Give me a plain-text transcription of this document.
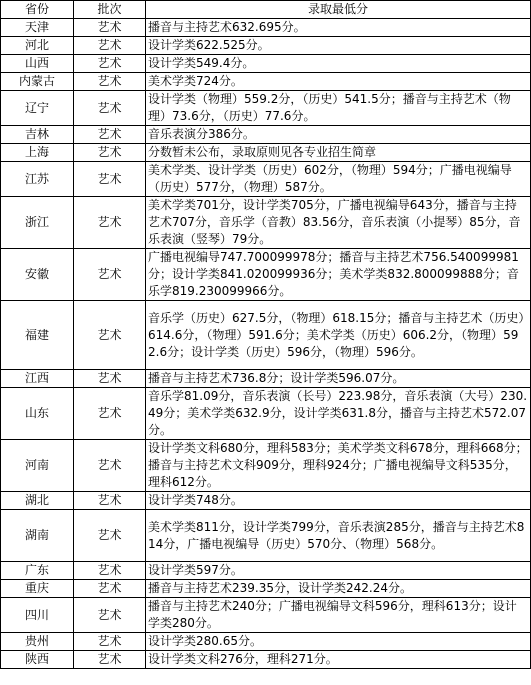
省份	批次	录取最低分
天津	艺术	播音与主持艺术632.695分。
河北	艺术	设计学类622.525分。
山西	艺术	设计学类549.4分。
内蒙古	艺术	美术学类724分。
辽宁	艺术	设计学类（物理）559.2分，（历史）541.5分；播音与主持艺术（物理）73.6分，（历史）77.6分。
吉林	艺术	音乐表演分386分。
上海	艺术	分数暂未公布，录取原则见各专业招生简章
江苏	艺术	美术学类、设计学类（历史）602分，（物理）594分；广播电视编导（历史）577分，（物理）587分。
浙江	艺术	美术学类701分，设计学类705分，广播电视编导643分，播音与主持艺术707分，音乐学（音教）83.56分，音乐表演（小提琴）85分，音乐表演（竖琴）79分。
安徽	艺术	广播电视编导747.700099978分；播音与主持艺术756.540099981分；设计学类841.020099936分；美术学类832.800099888分；音乐学819.230099966分。
福建	艺术	音乐学（历史）627.5分，（物理）618.15分；播音与主持艺术（历史）614.6分，（物理）591.6分；美术学类（历史）606.2分，（物理）592.6分；设计学类（历史）596分，（物理）596分。
江西	艺术	播音与主持艺术736.8分；设计学类596.07分。
山东	艺术	音乐学81.09分，音乐表演（长号）223.98分，音乐表演（大号）230.49分；美术学类632.9分，设计学类631.8分，播音与主持艺术572.07分。
河南	艺术	设计学类文科680分，理科583分；美术学类文科678分，理科668分；播音与主持艺术文科909分，理科924分；广播电视编导文科535分，理科612分。
湖北	艺术	设计学类748分。
湖南	艺术	美术学类811分，设计学类799分，音乐表演285分，播音与主持艺术814分，广播电视编导（历史）570分、（物理）568分。
广东	艺术	设计学类597分。
重庆	艺术	播音与主持艺术239.35分，设计学类242.24分。
四川	艺术	播音与主持艺术240分；广播电视编导文科596分，理科613分；设计学类280分。
贵州	艺术	设计学类280.65分。
陕西	艺术	设计学类文科276分，理科271分。
